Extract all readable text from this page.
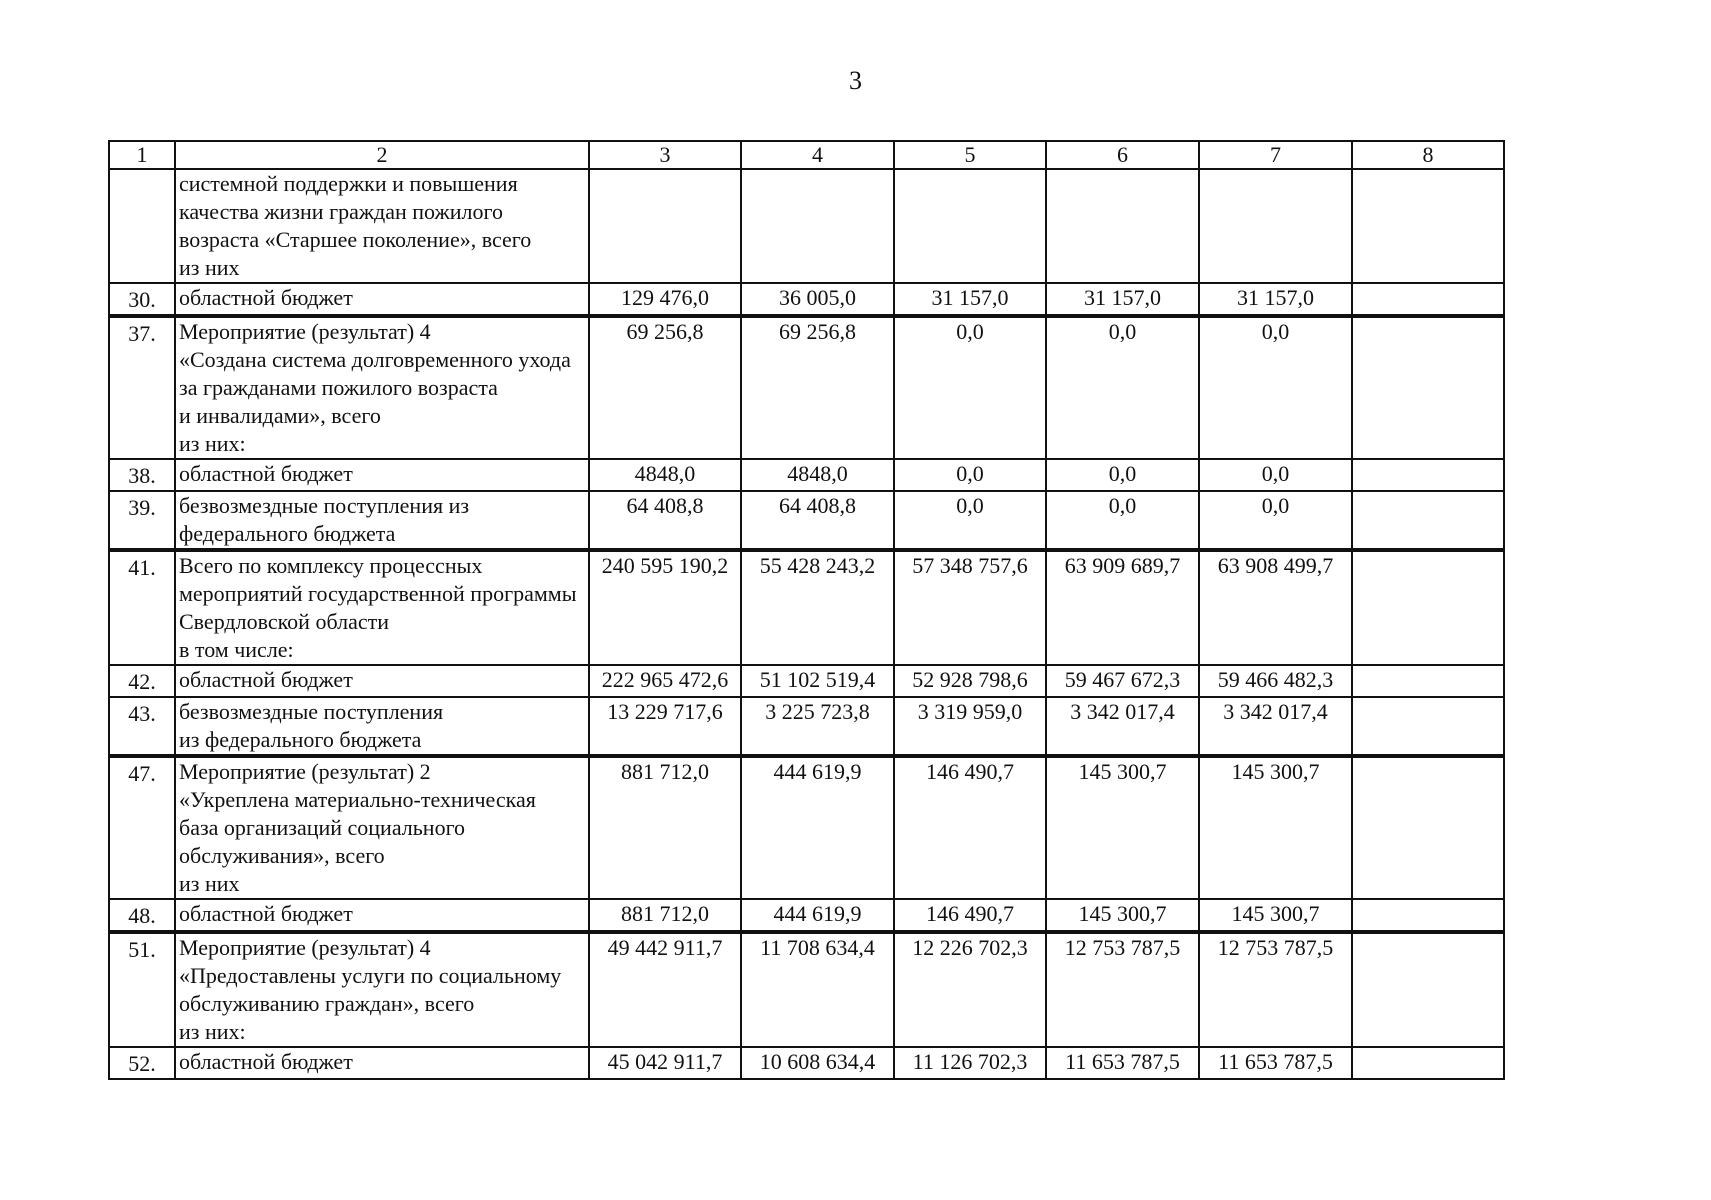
3
1	2	3	4	5	6	7	8
	системной поддержки и повышения
качества жизни граждан пожилого
возраста «Старшее поколение», всего
из них						
30.	областной бюджет	129 476,0	36 005,0	31 157,0	31 157,0	31 157,0	
37.	Мероприятие (результат) 4
«Создана система долговременного ухода
за гражданами пожилого возраста
и инвалидами», всего
из них:	69 256,8	69 256,8	0,0	0,0	0,0	
38.	областной бюджет	4848,0	4848,0	0,0	0,0	0,0	
39.	безвозмездные поступления из
федерального бюджета	64 408,8	64 408,8	0,0	0,0	0,0	
41.	Всего по комплексу процессных
мероприятий государственной программы
Свердловской области
в том числе:	240 595 190,2	55 428 243,2	57 348 757,6	63 909 689,7	63 908 499,7	
42.	областной бюджет	222 965 472,6	51 102 519,4	52 928 798,6	59 467 672,3	59 466 482,3	
43.	безвозмездные поступления
из федерального бюджета	13 229 717,6	3 225 723,8	3 319 959,0	3 342 017,4	3 342 017,4	
47.	Мероприятие (результат) 2
«Укреплена материально-техническая
база организаций социального
обслуживания», всего
из них	881 712,0	444 619,9	146 490,7	145 300,7	145 300,7	
48.	областной бюджет	881 712,0	444 619,9	146 490,7	145 300,7	145 300,7	
51.	Мероприятие (результат) 4
«Предоставлены услуги по социальному
обслуживанию граждан», всего
из них:	49 442 911,7	11 708 634,4	12 226 702,3	12 753 787,5	12 753 787,5	
52.	областной бюджет	45 042 911,7	10 608 634,4	11 126 702,3	11 653 787,5	11 653 787,5	
